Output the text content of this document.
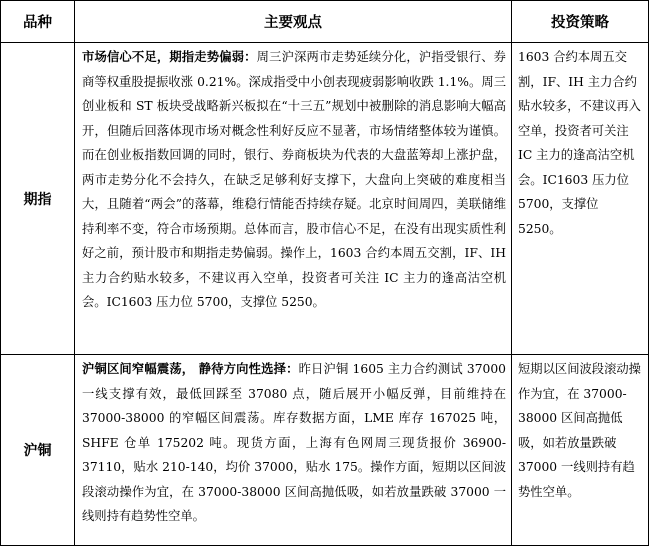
品种	主要观点	投资策略
期指	市场信心不足，期指走势偏弱：周三沪深两市走势延续分化，沪指受银行、券商等权重股提振收涨 0.21%。深成指受中小创表现疲弱影响收跌 1.1%。周三创业板和 ST 板块受战略新兴板拟在“十三五”规划中被删除的消息影响大幅高开，但随后回落体现市场对概念性利好反应不显著，市场情绪整体较为谨慎。而在创业板指数回调的同时，银行、券商板块为代表的大盘蓝筹却上涨护盘，两市走势分化不会持久，在缺乏足够利好支撑下，大盘向上突破的难度相当大，且随着“两会”的落幕，维稳行情能否持续存疑。北京时间周四，美联储维持利率不变，符合市场预期。总体而言，股市信心不足，在没有出现实质性利好之前，预计股市和期指走势偏弱。操作上，1603 合约本周五交割，IF、IH 主力合约贴水较多，不建议再入空单，投资者可关注 IC 主力的逢高沽空机会。IC1603 压力位 5700，支撑位 5250。	1603 合约本周五交割，IF、IH 主力合约贴水较多，不建议再入空单，投资者可关注 IC 主力的逢高沽空机会。IC1603 压力位 5700，支撑位 5250。
沪铜	沪铜区间窄幅震荡， 静待方向性选择：昨日沪铜 1605 主力合约测试 37000 一线支撑有效，最低回踩至 37080 点，随后展开小幅反弹，目前维持在 37000-38000 的窄幅区间震荡。库存数据方面，LME 库存 167025 吨， SHFE 仓单 175202 吨。现货方面，上海有色网周三现货报价 36900-37110，贴水 210-140，均价 37000，贴水 175。操作方面，短期以区间波段滚动操作为宜，在 37000-38000 区间高抛低吸，如若放量跌破 37000 一线则持有趋势性空单。	短期以区间波段滚动操作为宜，在 37000-38000 区间高抛低吸，如若放量跌破 37000 一线则持有趋势性空单。
